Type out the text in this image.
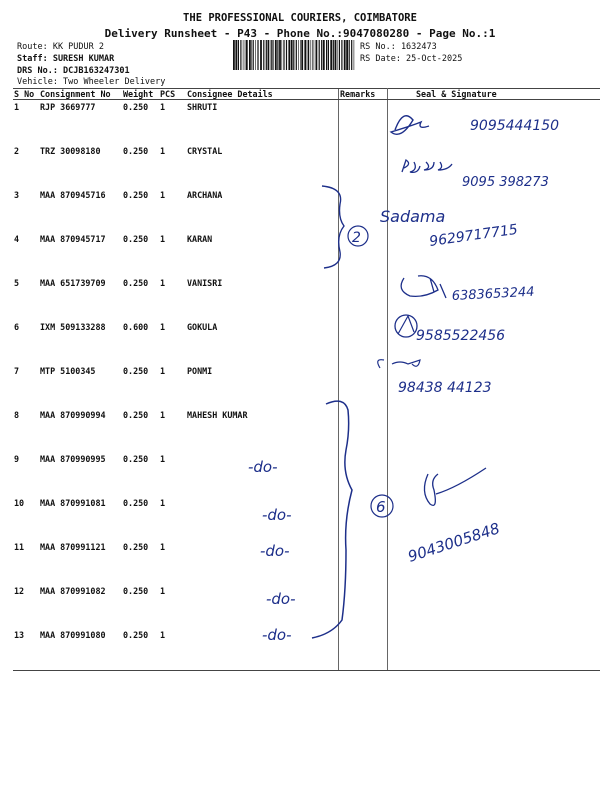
THE PROFESSIONAL COURIERS, COIMBATORE
Delivery Runsheet - P43 - Phone No.:9047080280 - Page No.:1
Route: KK PUDUR 2
Staff: SURESH KUMAR
DRS No.: DCJB163247301
Vehicle: Two Wheeler Delivery
RS No.: 1632473
RS Date: 25-Oct-2025
S No	Consignment No	Weight	PCS	Consignee Details	Remarks	Seal & Signature
1	RJP 3669777	0.250	1	SHRUTI		
2	TRZ 30098180	0.250	1	CRYSTAL		
3	MAA 870945716	0.250	1	ARCHANA		
4	MAA 870945717	0.250	1	KARAN		
5	MAA 651739709	0.250	1	VANISRI		
6	IXM 509133288	0.600	1	GOKULA		
7	MTP 5100345	0.250	1	PONMI		
8	MAA 870990994	0.250	1	MAHESH KUMAR		
9	MAA 870990995	0.250	1			
10	MAA 870991081	0.250	1			
11	MAA 870991121	0.250	1			
12	MAA 870991082	0.250	1			
13	MAA 870991080	0.250	1			
9095444150
9095 398273
2
Sadama
9629717715
6383653244
9585522456
98438 44123
6
-do-
-do-
-do-
-do-
-do-
9043005848
